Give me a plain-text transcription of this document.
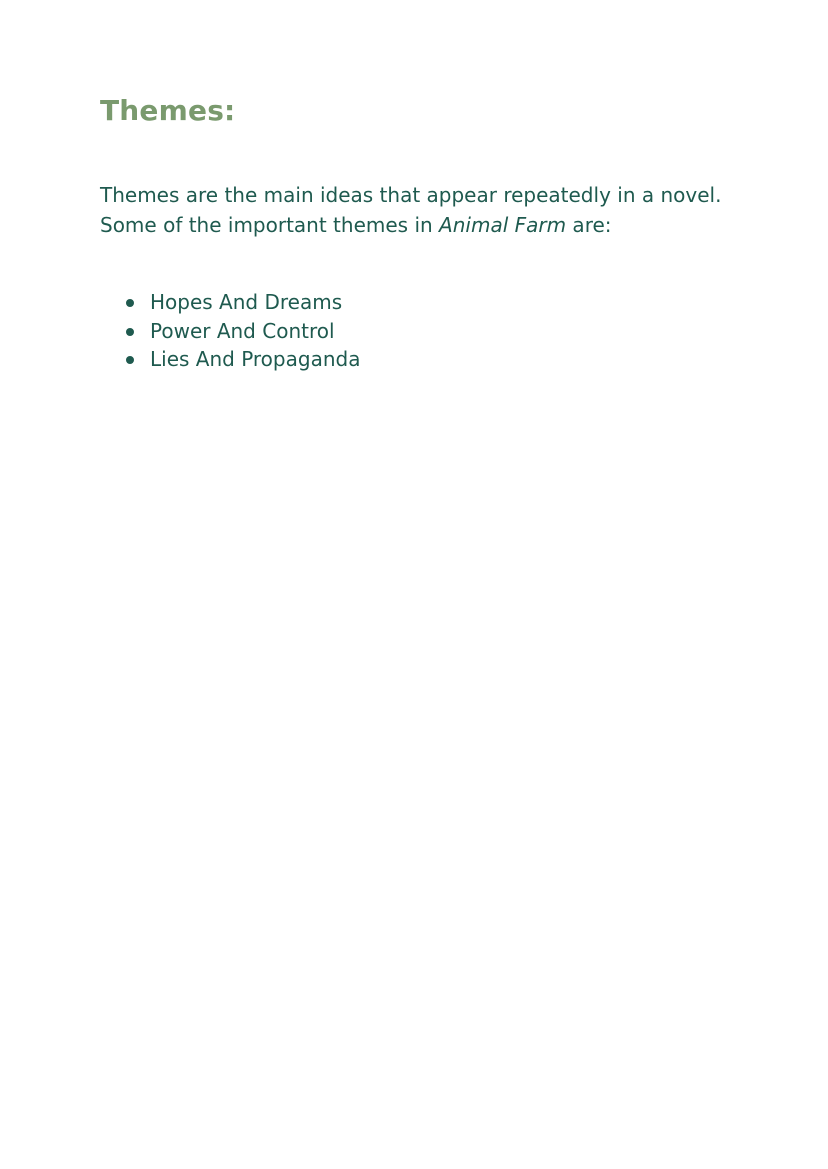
Themes:

Themes are the main ideas that appear repeatedly in a novel. Some of the important themes in Animal Farm are:

Hopes And Dreams
Power And Control
Lies And Propaganda
